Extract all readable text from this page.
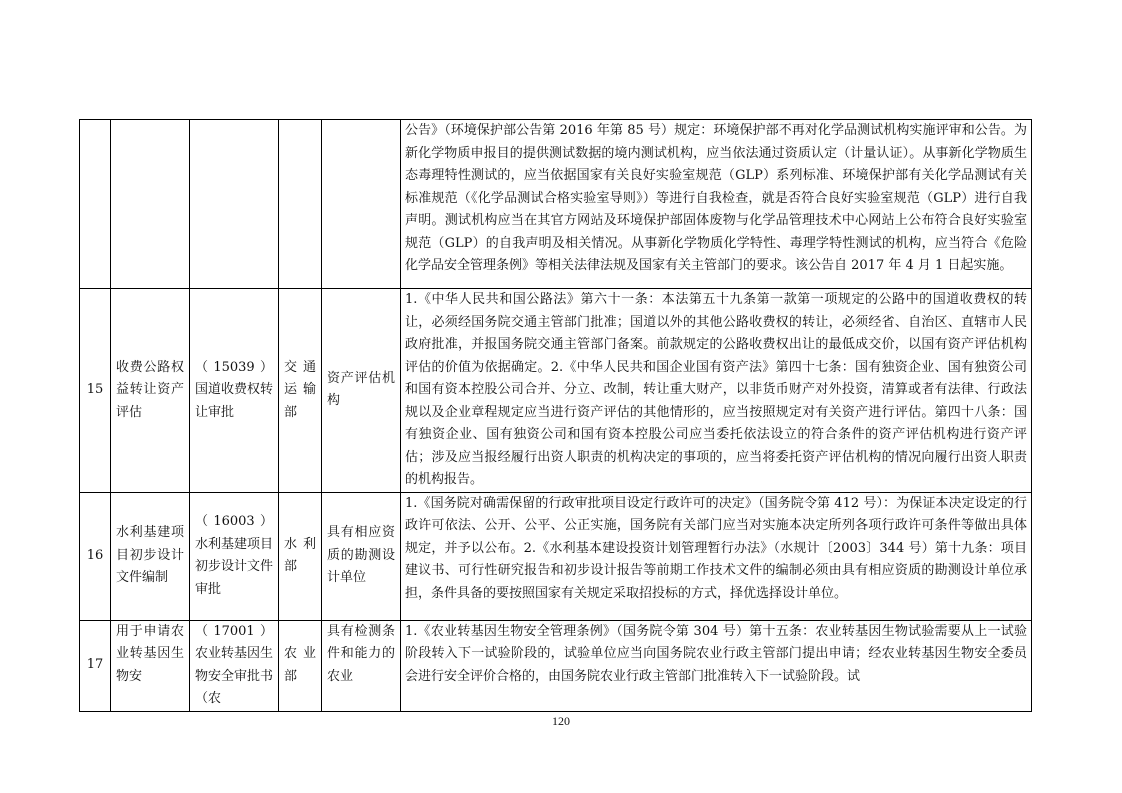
					公告》（环境保护部公告第 2016 年第 85 号）规定：环境保护部不再对化学品测试机构实施评审和公告。为新化学物质申报目的提供测试数据的境内测试机构，应当依法通过资质认定（计量认证）。从事新化学物质生态毒理特性测试的，应当依据国家有关良好实验室规范（GLP）系列标准、环境保护部有关化学品测试有关标准规范（《化学品测试合格实验室导则》）等进行自我检查，就是否符合良好实验室规范（GLP）进行自我声明。测试机构应当在其官方网站及环境保护部固体废物与化学品管理技术中心网站上公布符合良好实验室规范（GLP）的自我声明及相关情况。从事新化学物质化学特性、毒理学特性测试的机构，应当符合《危险化学品安全管理条例》等相关法律法规及国家有关主管部门的要求。该公告自 2017 年 4 月 1 日起实施。

15	收费公路权益转让资产评估	（15039）国道收费权转让审批	交通运输部	资产评估机构	1.《中华人民共和国公路法》第六十一条：本法第五十九条第一款第一项规定的公路中的国道收费权的转让，必须经国务院交通主管部门批准；国道以外的其他公路收费权的转让，必须经省、自治区、直辖市人民政府批准，并报国务院交通主管部门备案。前款规定的公路收费权出让的最低成交价，以国有资产评估机构评估的价值为依据确定。2.《中华人民共和国企业国有资产法》第四十七条：国有独资企业、国有独资公司和国有资本控股公司合并、分立、改制，转让重大财产，以非货币财产对外投资，清算或者有法律、行政法规以及企业章程规定应当进行资产评估的其他情形的，应当按照规定对有关资产进行评估。第四十八条：国有独资企业、国有独资公司和国有资本控股公司应当委托依法设立的符合条件的资产评估机构进行资产评估；涉及应当报经履行出资人职责的机构决定的事项的，应当将委托资产评估机构的情况向履行出资人职责的机构报告。

16	水利基建项目初步设计文件编制	（16003）水利基建项目初步设计文件审批	水利部	具有相应资质的勘测设计单位	1.《国务院对确需保留的行政审批项目设定行政许可的决定》（国务院令第 412 号）：为保证本决定设定的行政许可依法、公开、公平、公正实施，国务院有关部门应当对实施本决定所列各项行政许可条件等做出具体规定，并予以公布。2.《水利基本建设投资计划管理暂行办法》（水规计〔2003〕344 号）第十九条：项目建议书、可行性研究报告和初步设计报告等前期工作技术文件的编制必须由具有相应资质的勘测设计单位承担，条件具备的要按照国家有关规定采取招投标的方式，择优选择设计单位。

17	用于申请农业转基因生物安	（17001）农业转基因生物安全审批书（农	农业部	具有检测条件和能力的农业	1.《农业转基因生物安全管理条例》（国务院令第 304 号）第十五条：农业转基因生物试验需要从上一试验阶段转入下一试验阶段的，试验单位应当向国务院农业行政主管部门提出申请；经农业转基因生物安全委员会进行安全评价合格的，由国务院农业行政主管部门批准转入下一试验阶段。试
120
